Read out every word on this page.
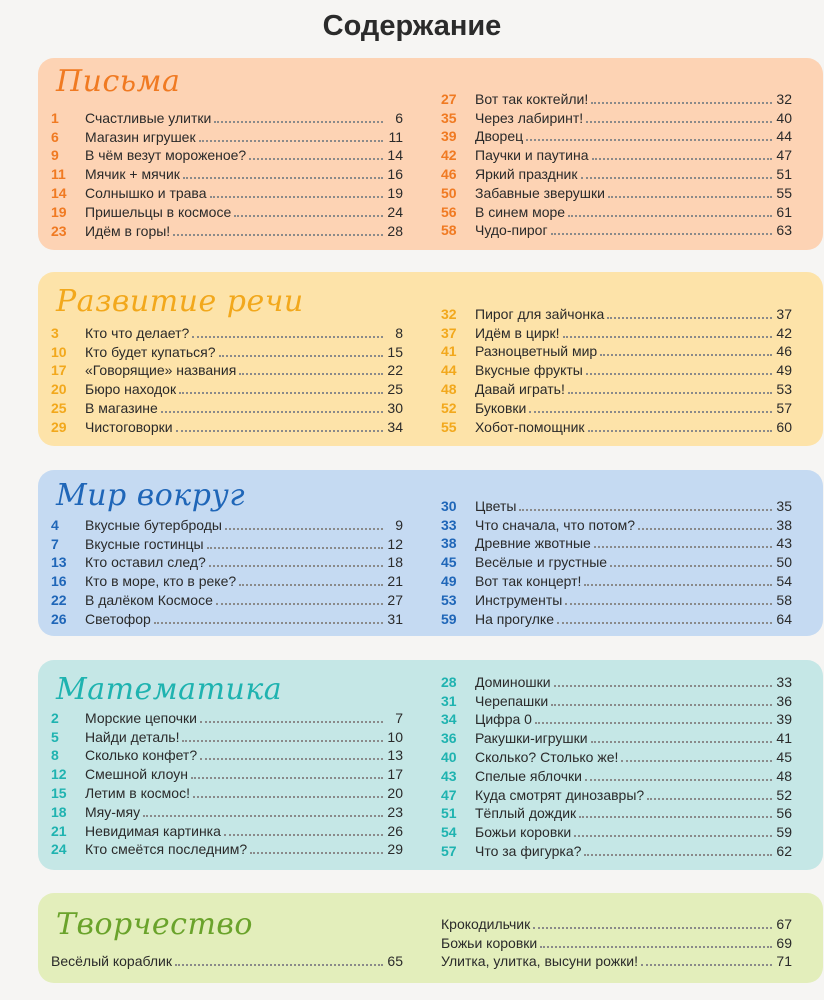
Содержание
Письма
1	Счастливые улитки	6
6	Магазин игрушек	11
9	В чём везут мороженое?	14
11	Мячик + мячик	16
14	Солнышко и трава	19
19	Пришельцы в космосе	24
23	Идём в горы!	28
27	Вот так коктейли!	32
35	Через лабиринт!	40
39	Дворец	44
42	Паучки и паутина	47
46	Яркий праздник	51
50	Забавные зверушки	55
56	В синем море	61
58	Чудо-пирог	63
Развитие речи
3	Кто что делает?	8
10	Кто будет купаться?	15
17	«Говорящие» названия	22
20	Бюро находок	25
25	В магазине	30
29	Чистоговорки	34
32	Пирог для зайчонка	37
37	Идём в цирк!	42
41	Разноцветный мир	46
44	Вкусные фрукты	49
48	Давай играть!	53
52	Буковки	57
55	Хобот-помощник	60
Мир вокруг
4	Вкусные бутерброды	9
7	Вкусные гостинцы	12
13	Кто оставил след?	18
16	Кто в море, кто в реке?	21
22	В далёком Космосе	27
26	Светофор	31
30	Цветы	35
33	Что сначала, что потом?	38
38	Древние жвотные	43
45	Весёлые и грустные	50
49	Вот так концерт!	54
53	Инструменты	58
59	На прогулке	64
Математика
2	Морские цепочки	7
5	Найди деталь!	10
8	Сколько конфет?	13
12	Смешной клоун	17
15	Летим в космос!	20
18	Мяу-мяу	23
21	Невидимая картинка	26
24	Кто смеётся последним?	29
28	Доминошки	33
31	Черепашки	36
34	Цифра 0	39
36	Ракушки-игрушки	41
40	Сколько? Столько же!	45
43	Спелые яблочки	48
47	Куда смотрят динозавры?	52
51	Тёплый дождик	56
54	Божьи коровки	59
57	Что за фигурка?	62
Творчество
Весёлый кораблик	65
Крокодильчик	67
Божьи коровки	69
Улитка, улитка, высуни рожки!	71
